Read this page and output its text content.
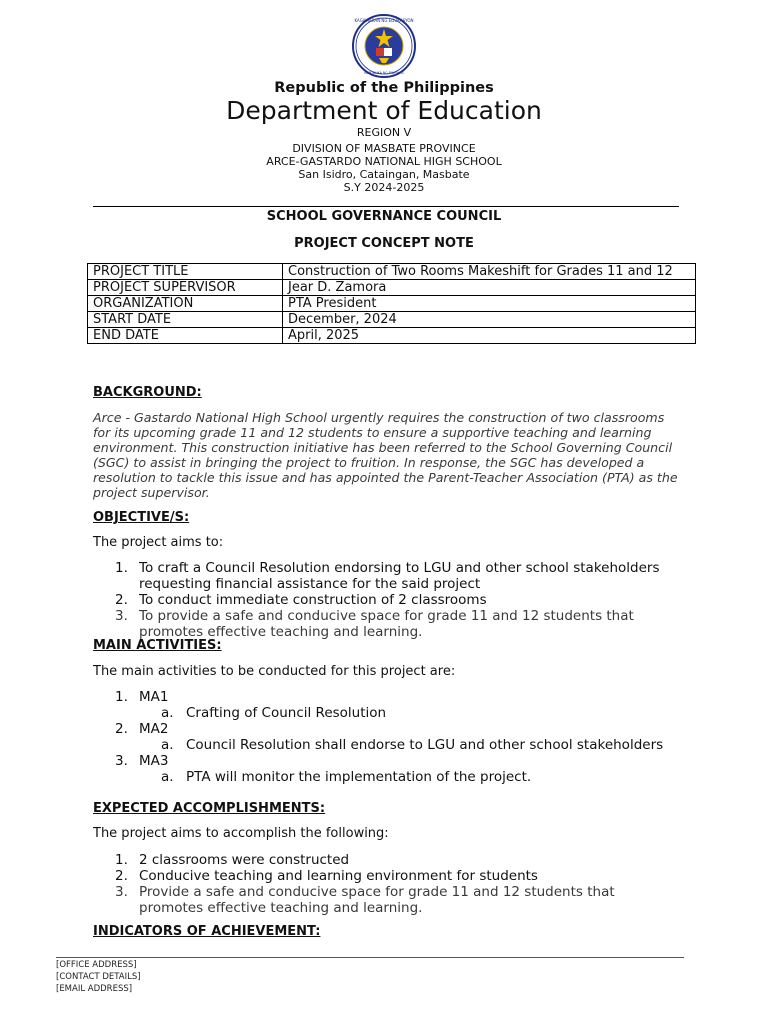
KAGAWARAN NG EDUKASYON
REPUBLIKA NG PILIPINAS
Republic of the Philippines
Department of Education
REGION V
DIVISION OF MASBATE PROVINCE
ARCE-GASTARDO NATIONAL HIGH SCHOOL
San Isidro, Cataingan, Masbate
S.Y 2024-2025
SCHOOL GOVERNANCE COUNCIL
PROJECT CONCEPT NOTE
PROJECT TITLE	Construction of Two Rooms Makeshift for Grades 11 and 12
PROJECT SUPERVISOR	Jear D. Zamora
ORGANIZATION	PTA President
START DATE	December, 2024
END DATE	April, 2025
BACKGROUND:
Arce - Gastardo National High School urgently requires the construction of two classrooms for its upcoming grade 11 and 12 students to ensure a supportive teaching and learning environment. This construction initiative has been referred to the School Governing Council (SGC) to assist in bringing the project to fruition. In response, the SGC has developed a resolution to tackle this issue and has appointed the Parent-Teacher Association (PTA) as the project supervisor.
OBJECTIVE/S:
The project aims to:
1. To craft a Council Resolution endorsing to LGU and other school stakeholders requesting financial assistance for the said project
2. To conduct immediate construction of 2 classrooms
3. To provide a safe and conducive space for grade 11 and 12 students that promotes effective teaching and learning.
MAIN ACTIVITIES:
The main activities to be conducted for this project are:
1. MA1
a. Crafting of Council Resolution
2. MA2
a. Council Resolution shall endorse to LGU and other school stakeholders
3. MA3
a. PTA will monitor the implementation of the project.
EXPECTED ACCOMPLISHMENTS:
The project aims to accomplish the following:
1. 2 classrooms were constructed
2. Conducive teaching and learning environment for students
3. Provide a safe and conducive space for grade 11 and 12 students that promotes effective teaching and learning.
INDICATORS OF ACHIEVEMENT:
[OFFICE ADDRESS]
[CONTACT DETAILS]
[EMAIL ADDRESS]
